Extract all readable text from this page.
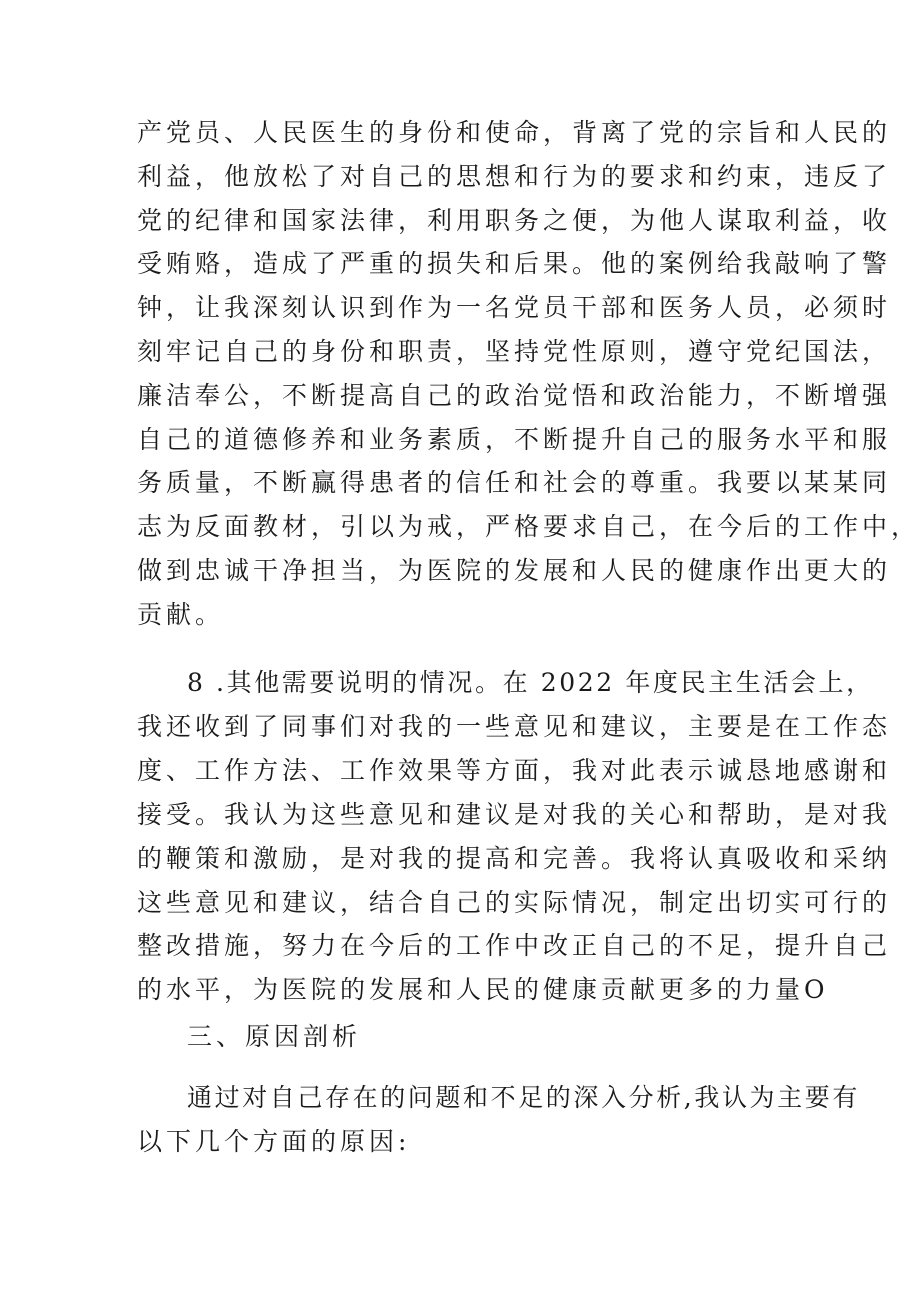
产党员、人民医生的身份和使命，背离了党的宗旨和人民的
利益，他放松了对自己的思想和行为的要求和约束，违反了
党的纪律和国家法律，利用职务之便，为他人谋取利益，收
受贿赂，造成了严重的损失和后果。他的案例给我敲响了警
钟，让我深刻认识到作为一名党员干部和医务人员，必须时
刻牢记自己的身份和职责，坚持党性原则，遵守党纪国法，
廉洁奉公，不断提高自己的政治觉悟和政治能力，不断增强
自己的道德修养和业务素质，不断提升自己的服务水平和服
务质量，不断赢得患者的信任和社会的尊重。我要以某某同
志为反面教材，引以为戒，严格要求自己，在今后的工作中，
做到忠诚干净担当，为医院的发展和人民的健康作出更大的
贡献。
8 .其他需要说明的情况。在 2022 年度民主生活会上，
我还收到了同事们对我的一些意见和建议，主要是在工作态
度、工作方法、工作效果等方面，我对此表示诚恳地感谢和
接受。我认为这些意见和建议是对我的关心和帮助，是对我
的鞭策和激励，是对我的提高和完善。我将认真吸收和采纳
这些意见和建议，结合自己的实际情况，制定出切实可行的
整改措施，努力在今后的工作中改正自己的不足，提升自己
的水平，为医院的发展和人民的健康贡献更多的力量O
三、原因剖析
通过对自己存在的问题和不足的深入分析,我认为主要有
以下几个方面的原因:
